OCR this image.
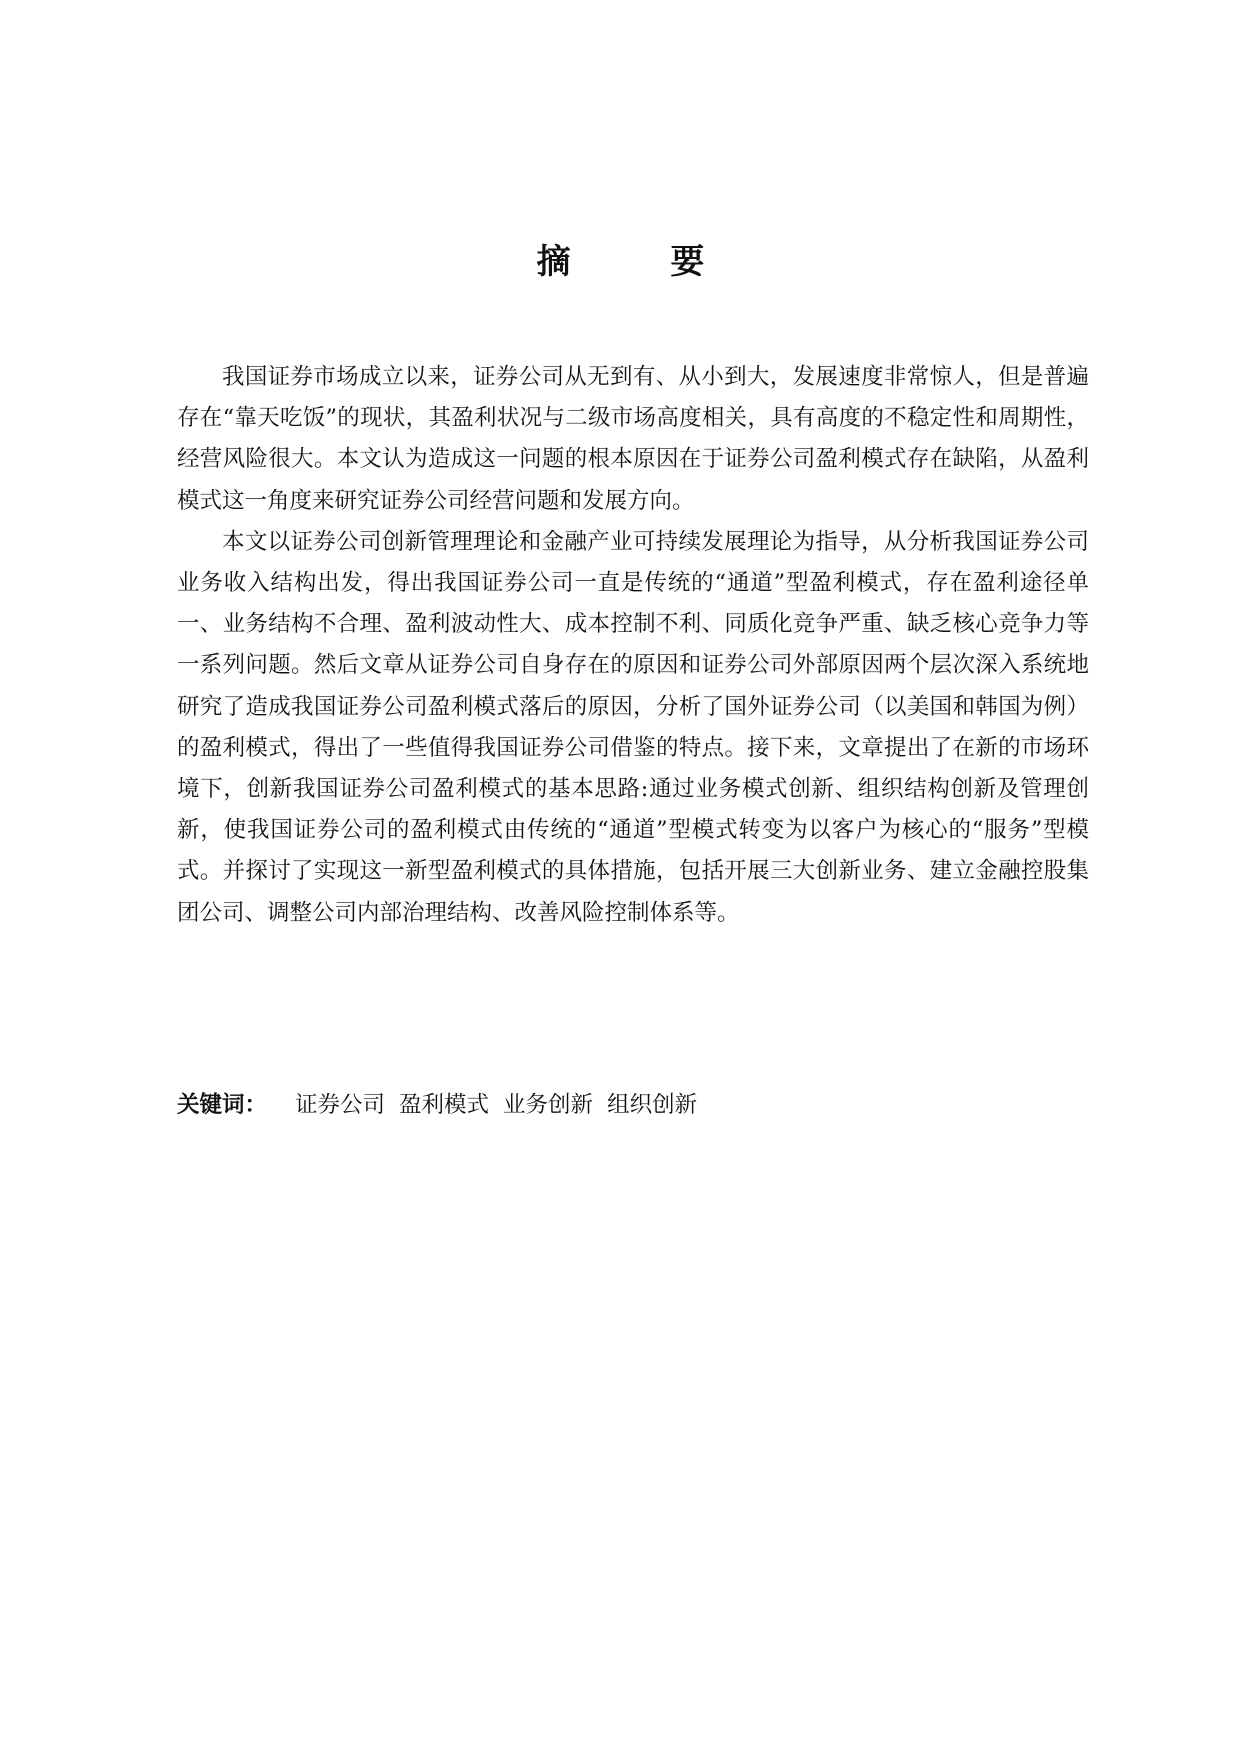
摘 要

我国证券市场成立以来，证券公司从无到有、从小到大，发展速度非常惊人，但是普遍存在“靠天吃饭”的现状，其盈利状况与二级市场高度相关，具有高度的不稳定性和周期性，经营风险很大。本文认为造成这一问题的根本原因在于证券公司盈利模式存在缺陷，从盈利模式这一角度来研究证券公司经营问题和发展方向。

本文以证券公司创新管理理论和金融产业可持续发展理论为指导，从分析我国证券公司业务收入结构出发，得出我国证券公司一直是传统的“通道”型盈利模式，存在盈利途径单一、业务结构不合理、盈利波动性大、成本控制不利、同质化竞争严重、缺乏核心竞争力等一系列问题。然后文章从证券公司自身存在的原因和证券公司外部原因两个层次深入系统地研究了造成我国证券公司盈利模式落后的原因，分析了国外证券公司（以美国和韩国为例）的盈利模式，得出了一些值得我国证券公司借鉴的特点。接下来，文章提出了在新的市场环境下，创新我国证券公司盈利模式的基本思路:通过业务模式创新、组织结构创新及管理创新，使我国证券公司的盈利模式由传统的“通道”型模式转变为以客户为核心的“服务”型模式。并探讨了实现这一新型盈利模式的具体措施，包括开展三大创新业务、建立金融控股集团公司、调整公司内部治理结构、改善风险控制体系等。

关键词： 证券公司 盈利模式 业务创新 组织创新
